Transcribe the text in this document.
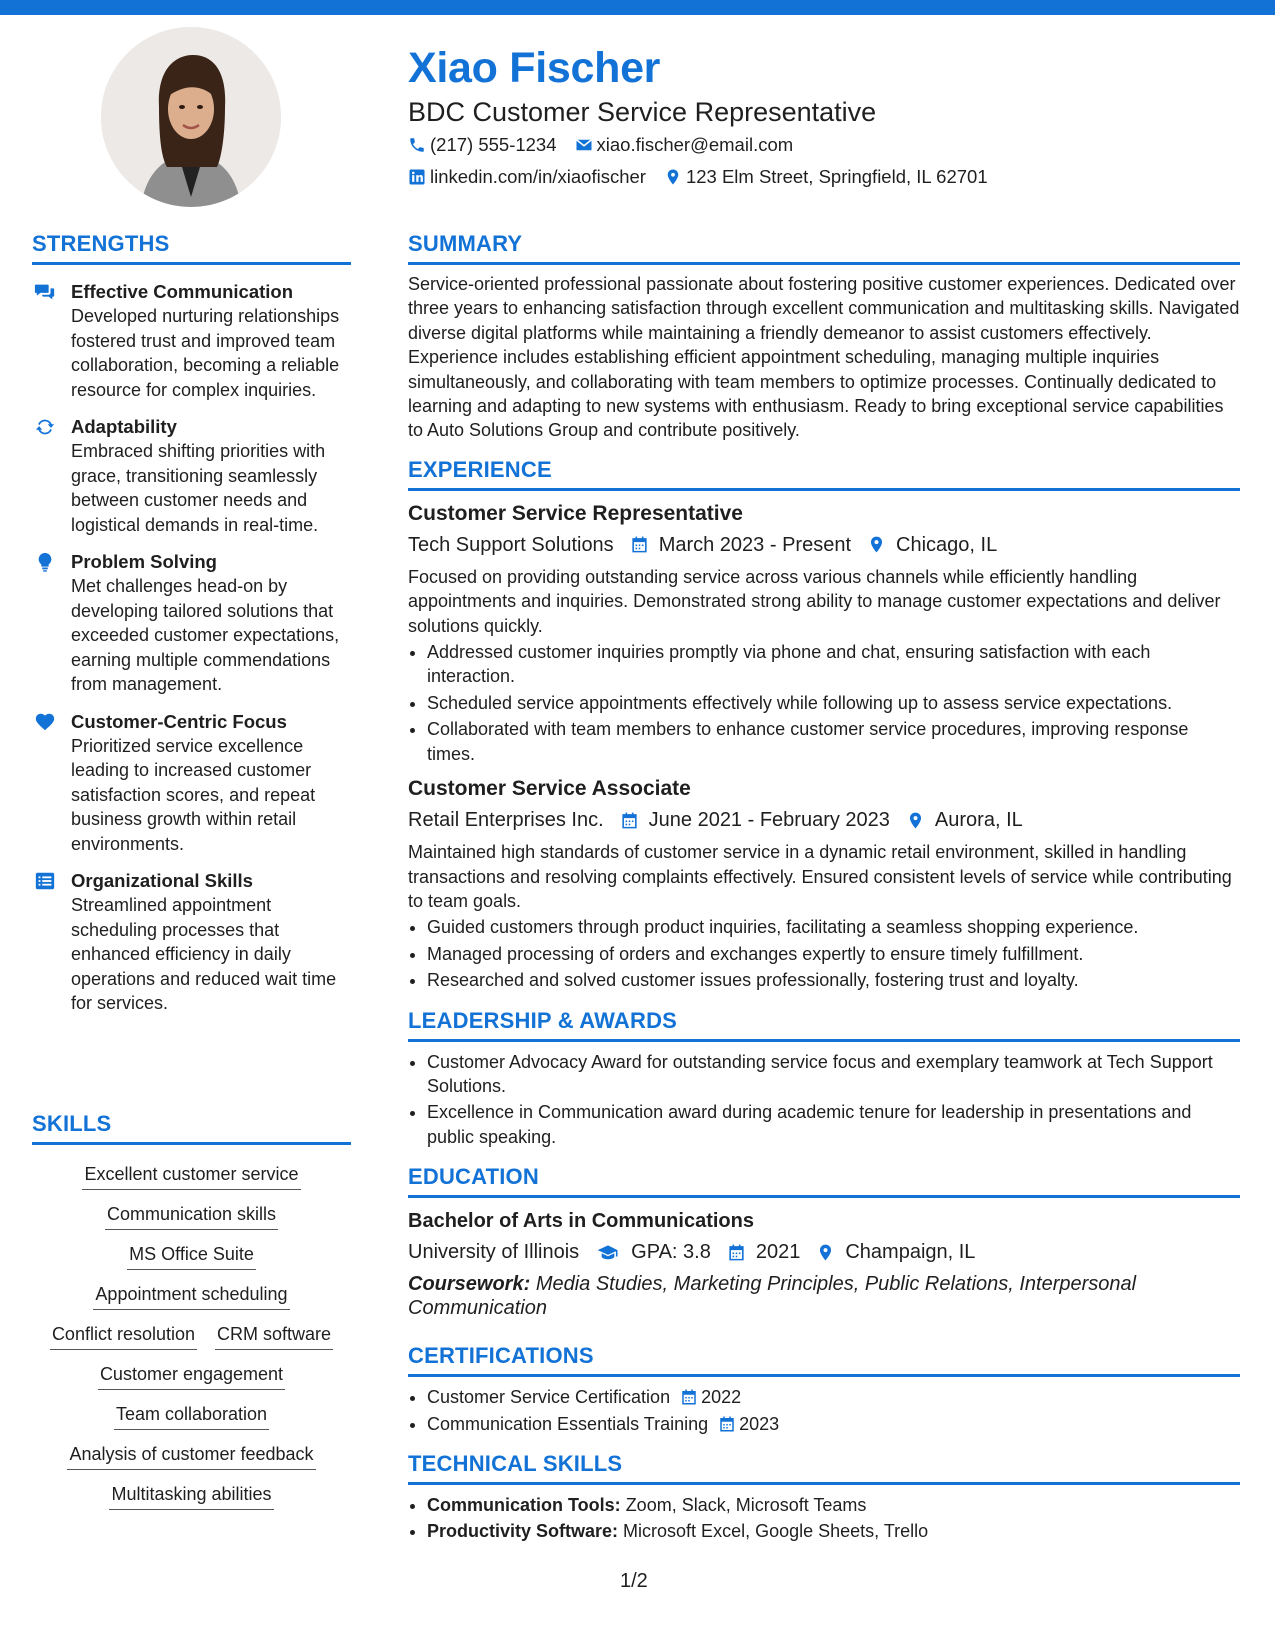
Xiao Fischer
BDC Customer Service Representative
(217) 555-1234 xiao.fischer@email.com
linkedin.com/in/xiaofischer 123 Elm Street, Springfield, IL 62701
STRENGTHS
Effective Communication
Developed nurturing relationships fostered trust and improved team collaboration, becoming a reliable resource for complex inquiries.
Adaptability
Embraced shifting priorities with grace, transitioning seamlessly between customer needs and logistical demands in real-time.
Problem Solving
Met challenges head-on by developing tailored solutions that exceeded customer expectations, earning multiple commendations from management.
Customer-Centric Focus
Prioritized service excellence leading to increased customer satisfaction scores, and repeat business growth within retail environments.
Organizational Skills
Streamlined appointment scheduling processes that enhanced efficiency in daily operations and reduced wait time for services.
SKILLS
Excellent customer service
Communication skills
MS Office Suite
Appointment scheduling
Conflict resolution CRM software
Customer engagement
Team collaboration
Analysis of customer feedback
Multitasking abilities
SUMMARY
Service-oriented professional passionate about fostering positive customer experiences. Dedicated over three years to enhancing satisfaction through excellent communication and multitasking skills. Navigated diverse digital platforms while maintaining a friendly demeanor to assist customers effectively. Experience includes establishing efficient appointment scheduling, managing multiple inquiries simultaneously, and collaborating with team members to optimize processes. Continually dedicated to learning and adapting to new systems with enthusiasm. Ready to bring exceptional service capabilities to Auto Solutions Group and contribute positively.
EXPERIENCE
Customer Service Representative
Tech Support Solutions March 2023 - Present Chicago, IL
Focused on providing outstanding service across various channels while efficiently handling appointments and inquiries. Demonstrated strong ability to manage customer expectations and deliver solutions quickly.
• Addressed customer inquiries promptly via phone and chat, ensuring satisfaction with each interaction.
• Scheduled service appointments effectively while following up to assess service expectations.
• Collaborated with team members to enhance customer service procedures, improving response times.
Customer Service Associate
Retail Enterprises Inc. June 2021 - February 2023 Aurora, IL
Maintained high standards of customer service in a dynamic retail environment, skilled in handling transactions and resolving complaints effectively. Ensured consistent levels of service while contributing to team goals.
• Guided customers through product inquiries, facilitating a seamless shopping experience.
• Managed processing of orders and exchanges expertly to ensure timely fulfillment.
• Researched and solved customer issues professionally, fostering trust and loyalty.
LEADERSHIP & AWARDS
• Customer Advocacy Award for outstanding service focus and exemplary teamwork at Tech Support Solutions.
• Excellence in Communication award during academic tenure for leadership in presentations and public speaking.
EDUCATION
Bachelor of Arts in Communications
University of Illinois	GPA: 3.8 2021 Champaign, IL
Coursework: Media Studies, Marketing Principles, Public Relations, Interpersonal Communication
CERTIFICATIONS
• Customer Service Certification 2022
• Communication Essentials Training 2023
TECHNICAL SKILLS
• Communication Tools: Zoom, Slack, Microsoft Teams
• Productivity Software: Microsoft Excel, Google Sheets, Trello
1/2
